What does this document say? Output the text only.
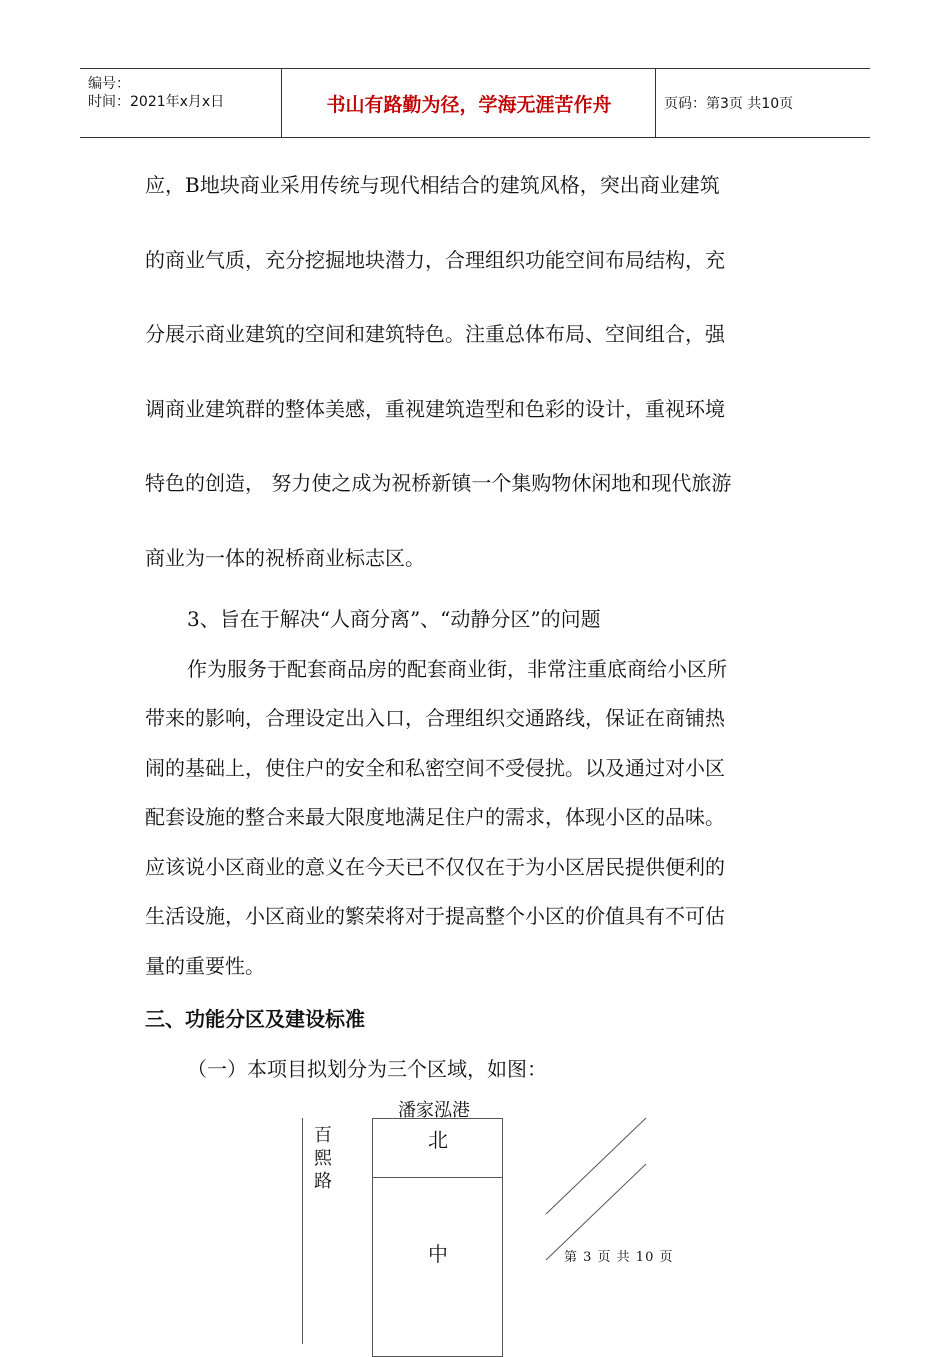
编号：
时间：2021年x月x日	书山有路勤为径，学海无涯苦作舟	页码：第3页 共10页

应，B地块商业采用传统与现代相结合的建筑风格，突出商业建筑

的商业气质，充分挖掘地块潜力，合理组织功能空间布局结构，充

分展示商业建筑的空间和建筑特色。注重总体布局、空间组合，强

调商业建筑群的整体美感，重视建筑造型和色彩的设计，重视环境

特色的创造， 努力使之成为祝桥新镇一个集购物休闲地和现代旅游

商业为一体的祝桥商业标志区。

3、旨在于解决“人商分离”、“动静分区”的问题

作为服务于配套商品房的配套商业街，非常注重底商给小区所

带来的影响，合理设定出入口，合理组织交通路线，保证在商铺热

闹的基础上，使住户的安全和私密空间不受侵扰。以及通过对小区

配套设施的整合来最大限度地满足住户的需求，体现小区的品味。

应该说小区商业的意义在今天已不仅仅在于为小区居民提供便利的

生活设施，小区商业的繁荣将对于提高整个小区的价值具有不可估

量的重要性。

三、功能分区及建设标准
（一）本项目拟划分为三个区域，如图：
潘家泓港
百
熙
路
北
中	第 3 页 共 10 页
